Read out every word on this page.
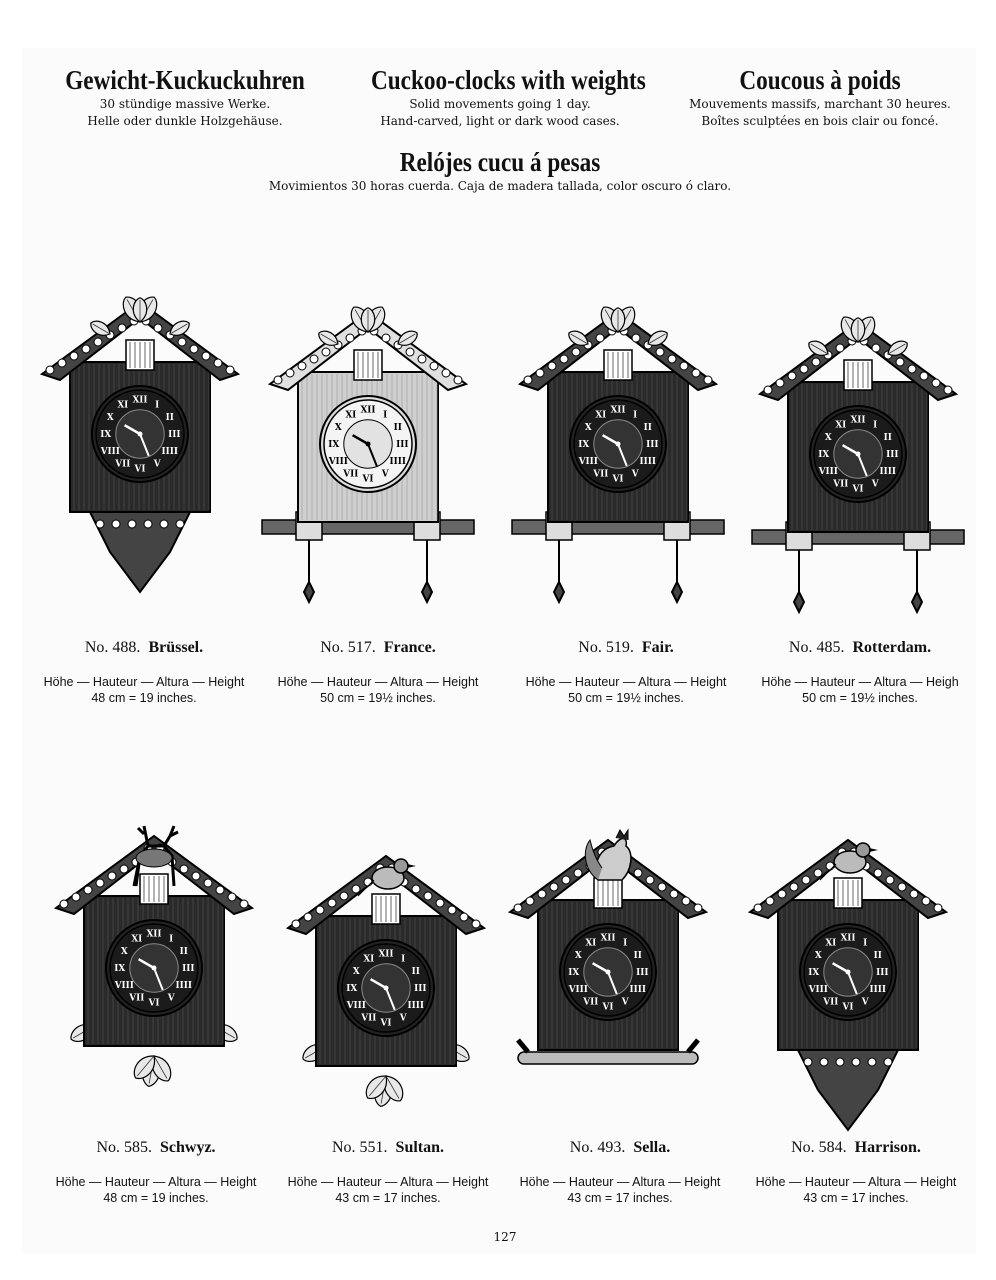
Gewicht-Kuckuckuhren
30 stündige massive Werke.
Helle oder dunkle Holzgehäuse.
Cuckoo-clocks with weights
Solid movements going 1 day.
Hand-carved, light or dark wood cases.
Coucous à poids
Mouvements massifs, marchant 30 heures.
Boîtes sculptées en bois clair ou foncé.
Relójes cucu á pesas
Movimientos 30 horas cuerda. Caja de madera tallada, color oscuro ó claro.
XII I
II
III
IIII
V
VI
VII
VIII
IX
X
XI
XII I
II
III
IIII
V
VI
VII
VIII
IX
X
XI	XII I
II
III
IIII
V
VI
VII
VIII
IX
X
XI
XII I
II
III
IIII
V
VI
VII
VIII
IX
X
XI
XII I
II
III
IIII
V
VI
VII
VIII
IX
X
XI
XII I
II
III
IIII
V
VI
VII
VIII
IX
X
XI
XII I
II
III
IIII
V
VI
VII
VIII
IX
X
XI	XII I
II
III
IIII
V
VI
VII
VIII
IX
X
XI
No. 488. Brüssel.
Höhe — Hauteur — Altura — Height
48 cm = 19 inches.
No. 517. France.
Höhe — Hauteur — Altura — Height
50 cm = 19½ inches.
No. 519. Fair.
Höhe — Hauteur — Altura — Height
50 cm = 19½ inches.
No. 485. Rotterdam.
Höhe — Hauteur — Altura — Heigh
50 cm = 19½ inches.
No. 585. Schwyz.
Höhe — Hauteur — Altura — Height
48 cm = 19 inches.
No. 551. Sultan.
Höhe — Hauteur — Altura — Height
43 cm = 17 inches.
No. 493. Sella.
Höhe — Hauteur — Altura — Height
43 cm = 17 inches.
No. 584. Harrison.
Höhe — Hauteur — Altura — Height
43 cm = 17 inches.
127
